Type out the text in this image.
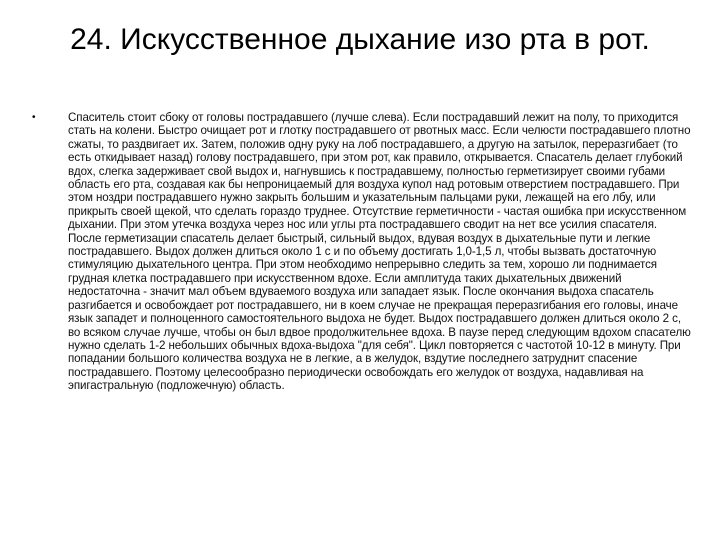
24. Искусственное дыхание изо рта в рот.
•	Спаситель стоит сбоку от головы пострадавшего (лучше слева). Если пострадавший лежит на полу, то приходится стать на колени. Быстро очищает рот и глотку пострадавшего от рвотных масс. Если челюсти пострадавшего плотно сжаты, то раздвигает их. Затем, положив одну руку на лоб пострадавшего, а другую на затылок, переразгибает (то есть откидывает назад) голову пострадавшего, при этом рот, как правило, открывается. Спасатель делает глубокий вдох, слегка задерживает свой выдох и, нагнувшись к пострадавшему, полностью герметизирует своими губами область его рта, создавая как бы непроницаемый для воздуха купол над ротовым отверстием пострадавшего. При этом ноздри пострадавшего нужно закрыть большим и указательным пальцами руки, лежащей на его лбу, или прикрыть своей щекой, что сделать гораздо труднее. Отсутствие герметичности - частая ошибка при искусственном дыхании. При этом утечка воздуха через нос или углы рта пострадавшего сводит на нет все усилия спасателя. После герметизации спасатель делает быстрый, сильный выдох, вдувая воздух в дыхательные пути и легкие пострадавшего. Выдох должен длиться около 1 с и по объему достигать 1,0-1,5 л, чтобы вызвать достаточную стимуляцию дыхательного центра. При этом необходимо непрерывно следить за тем, хорошо ли поднимается грудная клетка пострадавшего при искусственном вдохе. Если амплитуда таких дыхательных движений недостаточна - значит мал объем вдуваемого воздуха или западает язык. После окончания выдоха спасатель разгибается и освобождает рот пострадавшего, ни в коем случае не прекращая переразгибания его головы, иначе язык западет и полноценного самостоятельного выдоха не будет. Выдох пострадавшего должен длиться около 2 с, во всяком случае лучше, чтобы он был вдвое продолжительнее вдоха. В паузе перед следующим вдохом спасателю нужно сделать 1-2 небольших обычных вдоха-выдоха "для себя". Цикл повторяется с частотой 10-12 в минуту. При попадании большого количества воздуха не в легкие, а в желудок, вздутие последнего затруднит спасение пострадавшего. Поэтому целесообразно периодически освобождать его желудок от воздуха, надавливая на эпигастральную (подложечную) область.
